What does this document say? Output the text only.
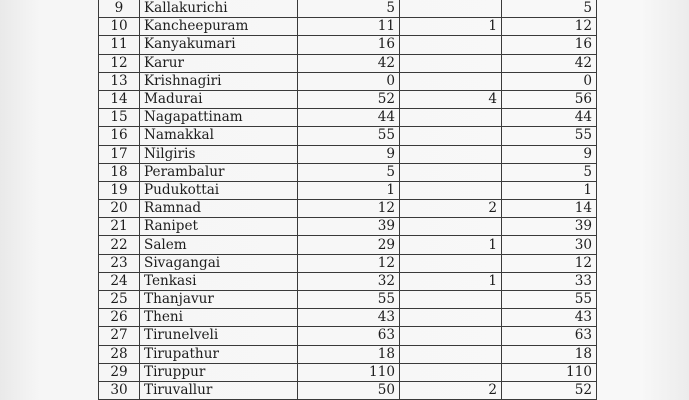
9	Kallakurichi	5		5
10	Kancheepuram	11	1	12
11	Kanyakumari	16		16
12	Karur	42		42
13	Krishnagiri	0		0
14	Madurai	52	4	56
15	Nagapattinam	44		44
16	Namakkal	55		55
17	Nilgiris	9		9
18	Perambalur	5		5
19	Pudukottai	1		1
20	Ramnad	12	2	14
21	Ranipet	39		39
22	Salem	29	1	30
23	Sivagangai	12		12
24	Tenkasi	32	1	33
25	Thanjavur	55		55
26	Theni	43		43
27	Tirunelveli	63		63
28	Tirupathur	18		18
29	Tiruppur	110		110
30	Tiruvallur	50	2	52
